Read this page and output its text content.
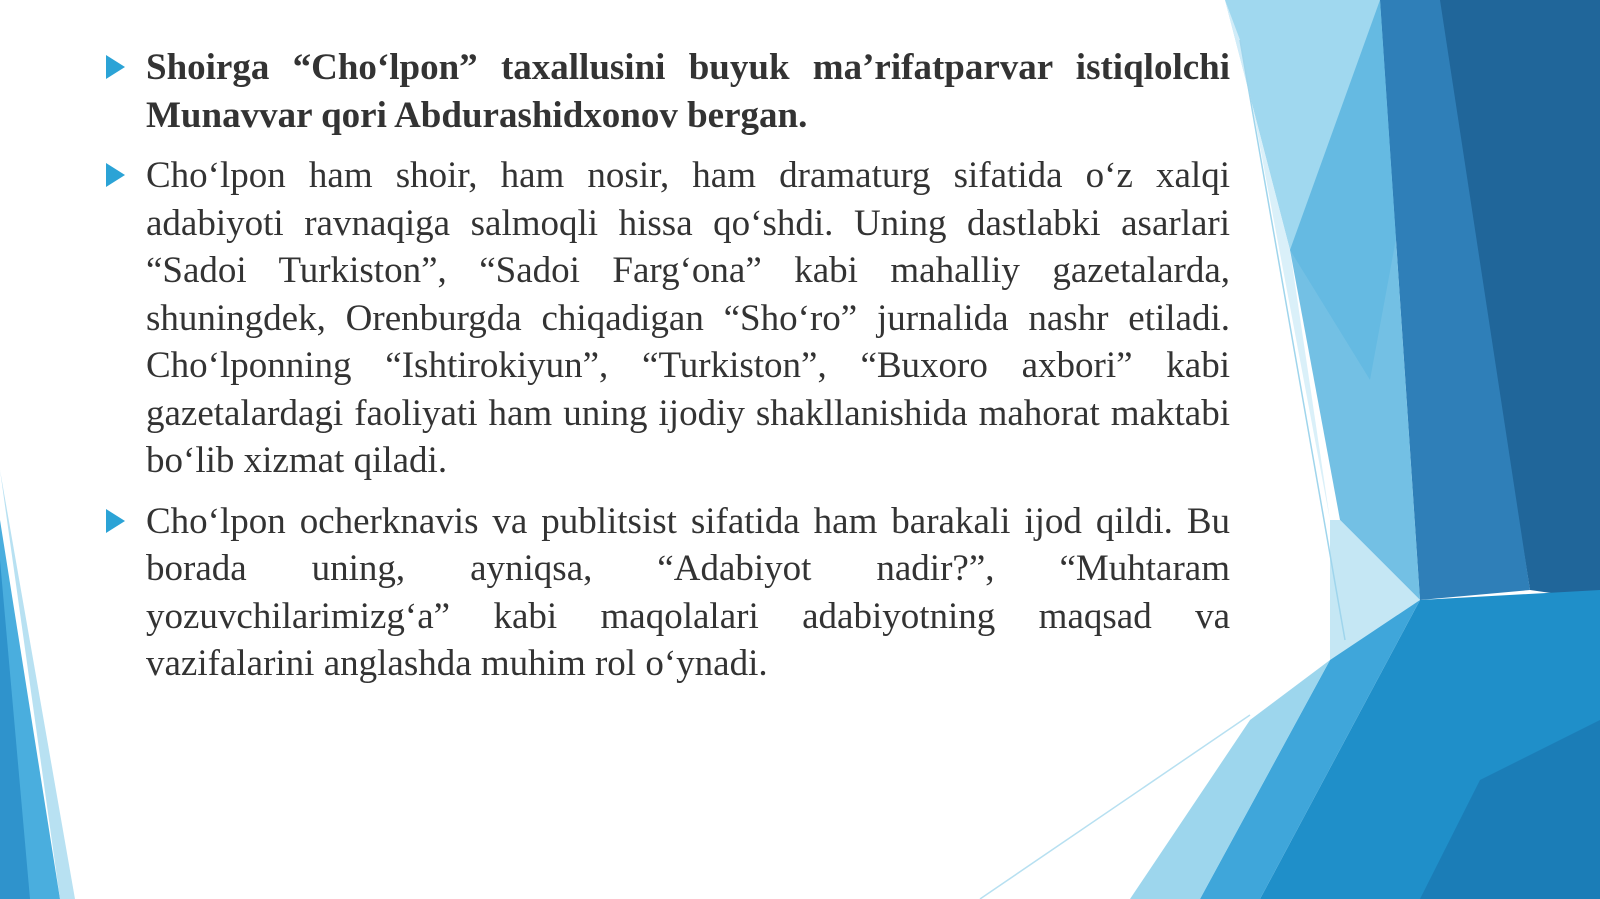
Shoirga “Cho‘lpon” taxallusini buyuk ma’rifatparvar istiqlolchi Munavvar qori Abdurashidxonov bergan.

Cho‘lpon ham shoir, ham nosir, ham dramaturg sifatida o‘z xalqi adabiyoti ravnaqiga salmoqli hissa qo‘shdi. Uning dastlabki asarlari “Sadoi Turkiston”, “Sadoi Farg‘ona” kabi mahalliy gazetalarda, shuningdek, Orenburgda chiqadigan “Sho‘ro” jurnalida nashr etiladi. Cho‘lponning “Ishtirokiyun”, “Turkiston”, “Buxoro axbori” kabi gazetalardagi faoliyati ham uning ijodiy shakllanishida mahorat maktabi bo‘lib xizmat qiladi.

Cho‘lpon ocherknavis va publitsist sifatida ham barakali ijod qildi. Bu borada uning, ayniqsa, “Adabiyot nadir?”, “Muhtaram yozuvchilarimizg‘a” kabi maqolalari adabiyotning maqsad va vazifalarini anglashda muhim rol o‘ynadi.
